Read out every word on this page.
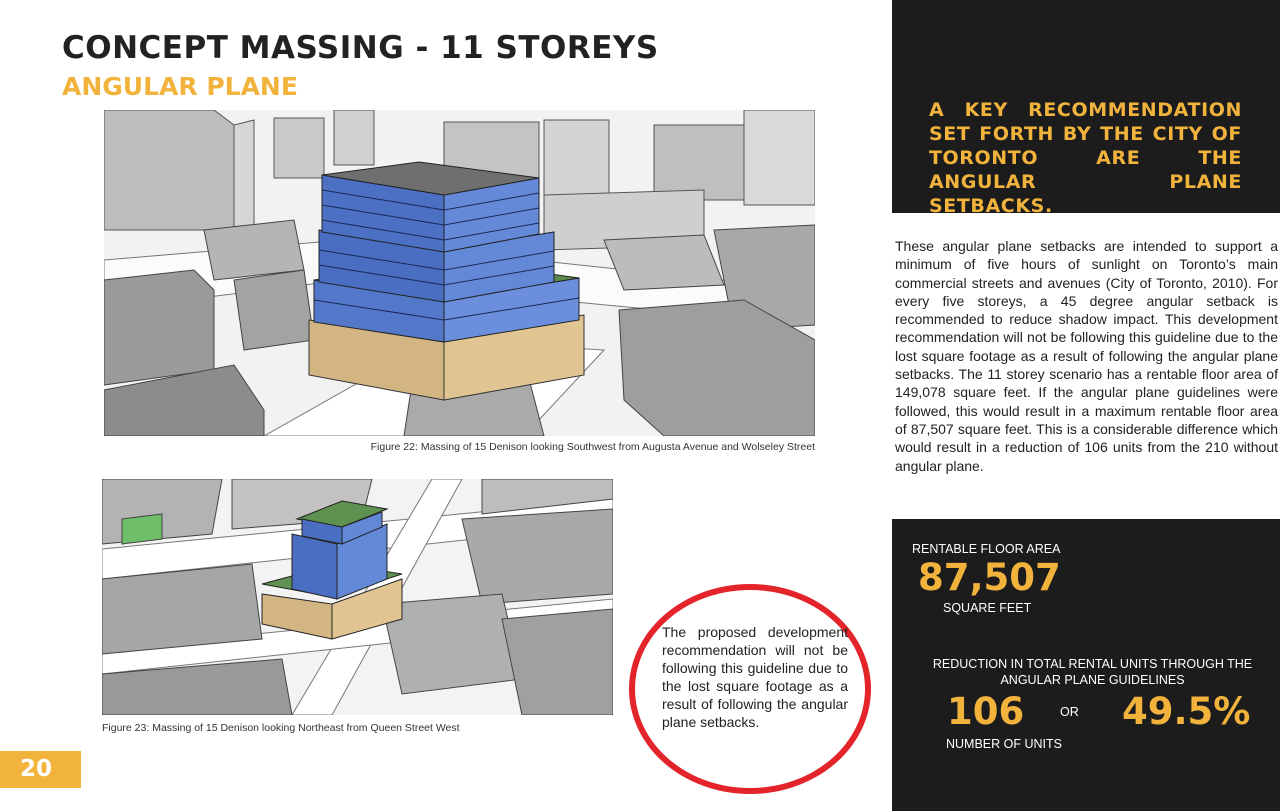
CONCEPT MASSING - 11 STOREYS
ANGULAR PLANE
Figure 22: Massing of 15 Denison looking Southwest from Augusta Avenue and Wolseley Street
Figure 23: Massing of 15 Denison looking Northeast from Queen Street West
20
The proposed development recommendation will not be following this guideline due to the lost square footage as a result of following the angular plane setbacks.
A KEY RECOMMENDATION SET FORTH BY THE CITY OF TORONTO ARE THE ANGULAR PLANE SETBACKS.
These angular plane setbacks are intended to support a minimum of five hours of sunlight on Toronto’s main commercial streets and avenues (City of Toronto, 2010). For every five storeys, a 45 degree angular setback is recommended to reduce shadow impact. This development recommendation will not be following this guideline due to the lost square footage as a result of following the angular plane setbacks. The 11 storey scenario has a rentable floor area of 149,078 square feet. If the angular plane guidelines were followed, this would result in a maximum rentable floor area of 87,507 square feet. This is a considerable difference which would result in a reduction of 106 units from the 210 without angular plane.
RENTABLE FLOOR AREA
87,507
SQUARE FEET
REDUCTION IN TOTAL RENTAL UNITS THROUGH THE ANGULAR PLANE GUIDELINES
106	OR 49.5%
NUMBER OF UNITS
